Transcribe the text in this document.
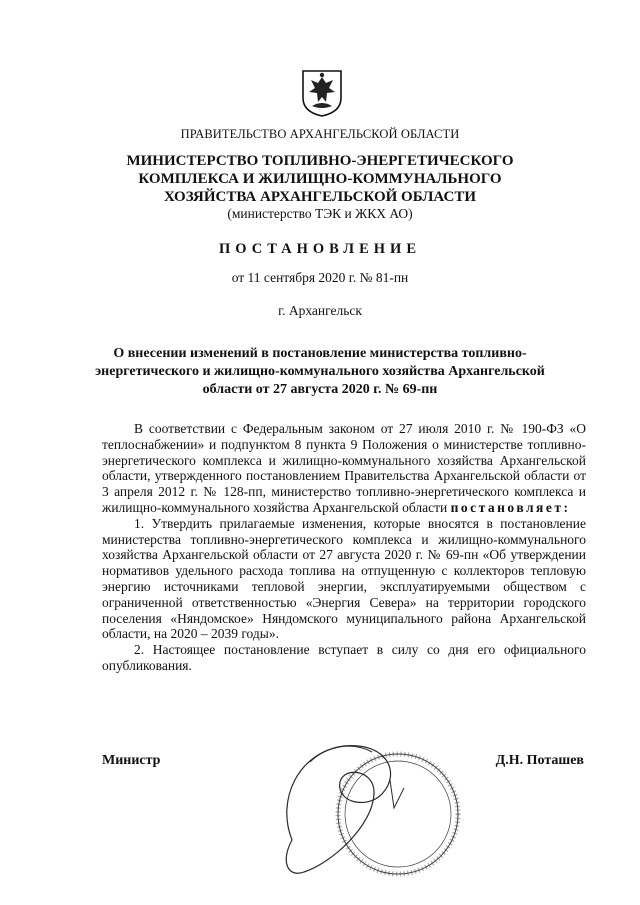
ПРАВИТЕЛЬСТВО АРХАНГЕЛЬСКОЙ ОБЛАСТИ
МИНИСТЕРСТВО ТОПЛИВНО-ЭНЕРГЕТИЧЕСКОГО
КОМПЛЕКСА И ЖИЛИЩНО-КОММУНАЛЬНОГО
ХОЗЯЙСТВА АРХАНГЕЛЬСКОЙ ОБЛАСТИ
(министерство ТЭК и ЖКХ АО)
ПОСТАНОВЛЕНИЕ
от 11 сентября 2020 г. № 81-пн
г. Архангельск
О внесении изменений в постановление министерства топливно-
энергетического и жилищно-коммунального хозяйства Архангельской
области от 27 августа 2020 г. № 69-пн

В соответствии с Федеральным законом от 27 июля 2010 г. № 190-ФЗ «О теплоснабжении» и подпунктом 8 пункта 9 Положения о министерстве топливно-энергетического комплекса и жилищно-коммунального хозяйства Архангельской области, утвержденного постановлением Правительства Архангельской области от 3 апреля 2012 г. № 128-пп, министерство топливно-энергетического комплекса и жилищно-коммунального хозяйства Архангельской области постановляет:

1. Утвердить прилагаемые изменения, которые вносятся в постановление министерства топливно-энергетического комплекса и жилищно-коммунального хозяйства Архангельской области от 27 августа 2020 г. № 69-пн «Об утверждении нормативов удельного расхода топлива на отпущенную с коллекторов тепловую энергию источниками тепловой энергии, эксплуатируемыми обществом с ограниченной ответственностью «Энергия Севера» на территории городского поселения «Няндомское» Няндомского муниципального района Архангельской области, на 2020 – 2039 годы».

2. Настоящее постановление вступает в силу со дня его официального опубликования.

Министр	Д.Н. Поташев
